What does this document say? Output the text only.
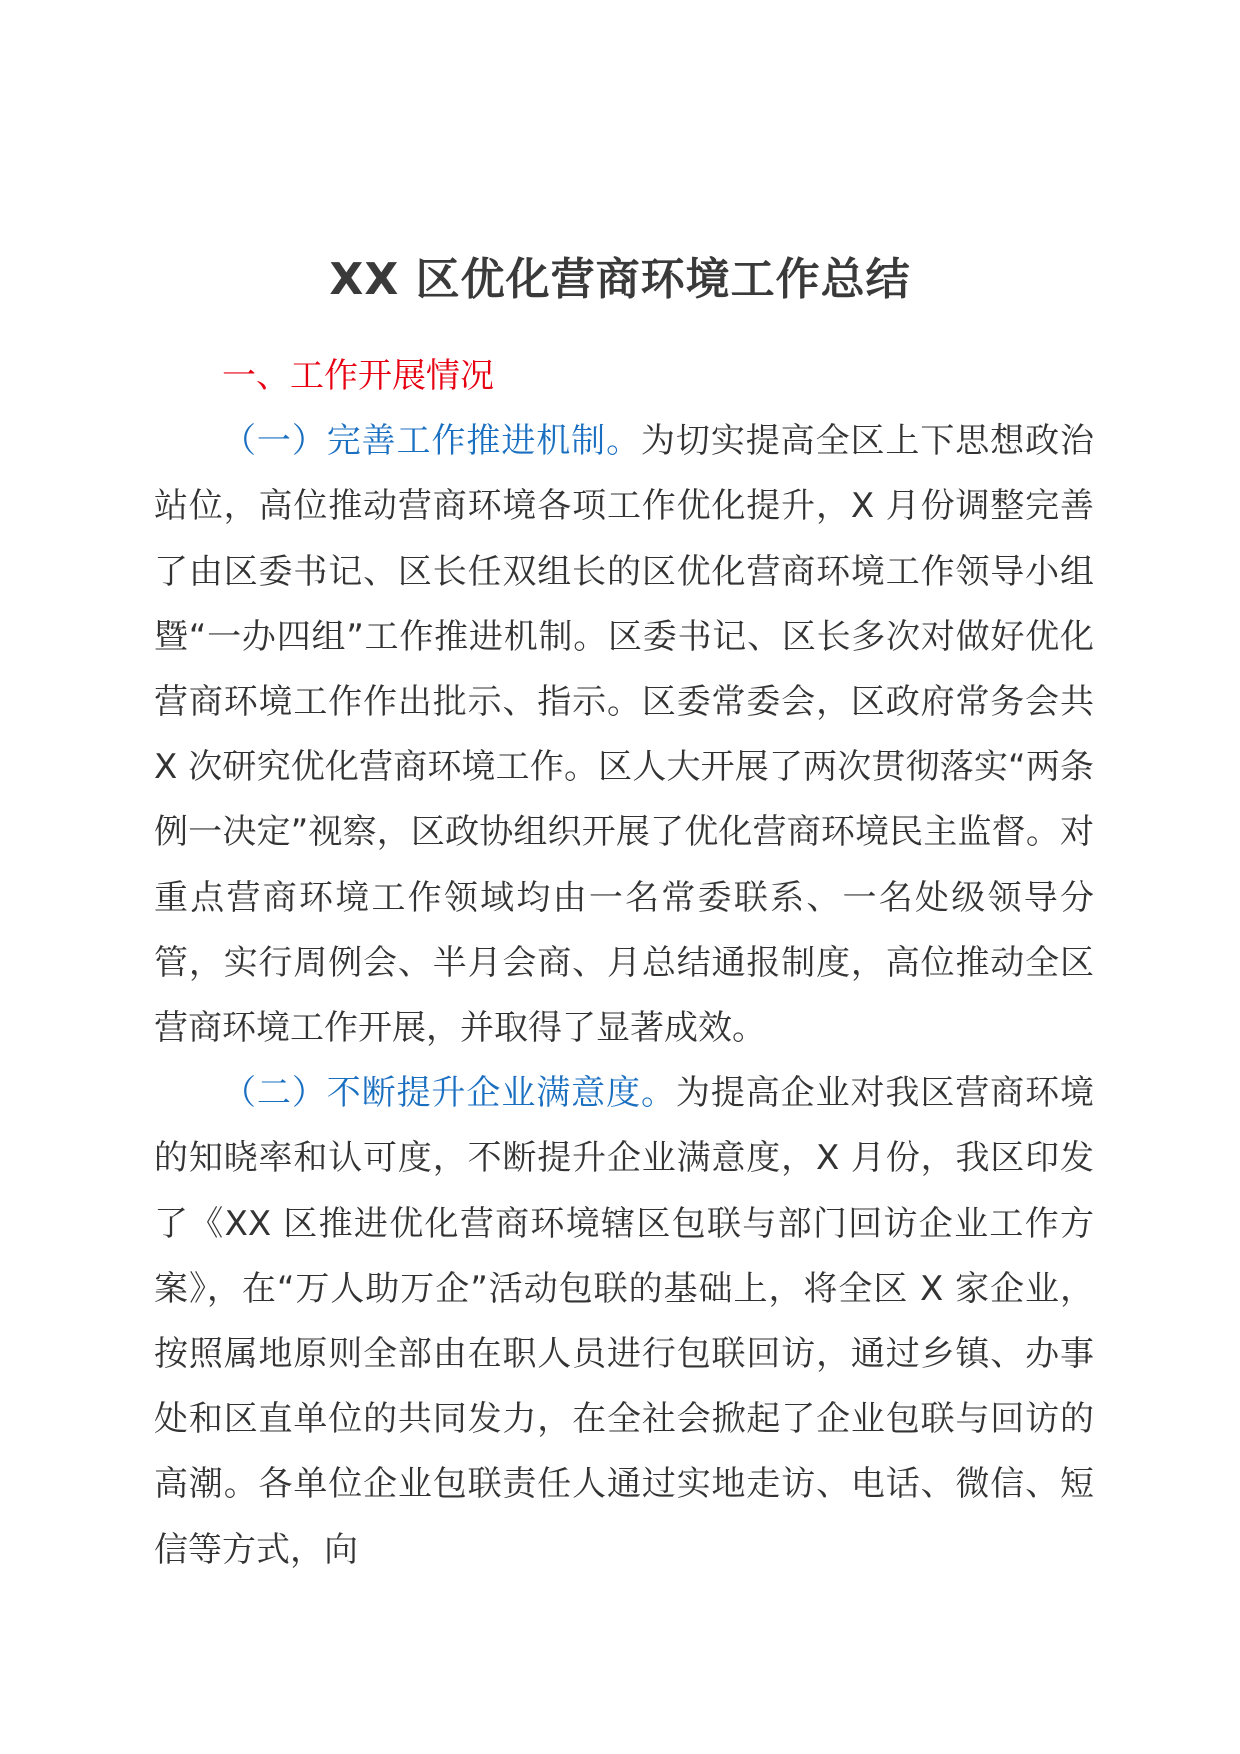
XX 区优化营商环境工作总结
一、工作开展情况

（一）完善工作推进机制。为切实提高全区上下思想政治站位，高位推动营商环境各项工作优化提升，X 月份调整完善了由区委书记、区长任双组长的区优化营商环境工作领导小组暨“一办四组”工作推进机制。区委书记、区长多次对做好优化营商环境工作作出批示、指示。区委常委会，区政府常务会共 X 次研究优化营商环境工作。区人大开展了两次贯彻落实“两条例一决定”视察，区政协组织开展了优化营商环境民主监督。对重点营商环境工作领域均由一名常委联系、一名处级领导分管，实行周例会、半月会商、月总结通报制度，高位推动全区营商环境工作开展，并取得了显著成效。

（二）不断提升企业满意度。为提高企业对我区营商环境的知晓率和认可度，不断提升企业满意度，X 月份，我区印发了《XX 区推进优化营商环境辖区包联与部门回访企业工作方案》，在“万人助万企”活动包联的基础上，将全区 X 家企业，按照属地原则全部由在职人员进行包联回访，通过乡镇、办事处和区直单位的共同发力，在全社会掀起了企业包联与回访的高潮。各单位企业包联责任人通过实地走访、电话、微信、短信等方式，向
